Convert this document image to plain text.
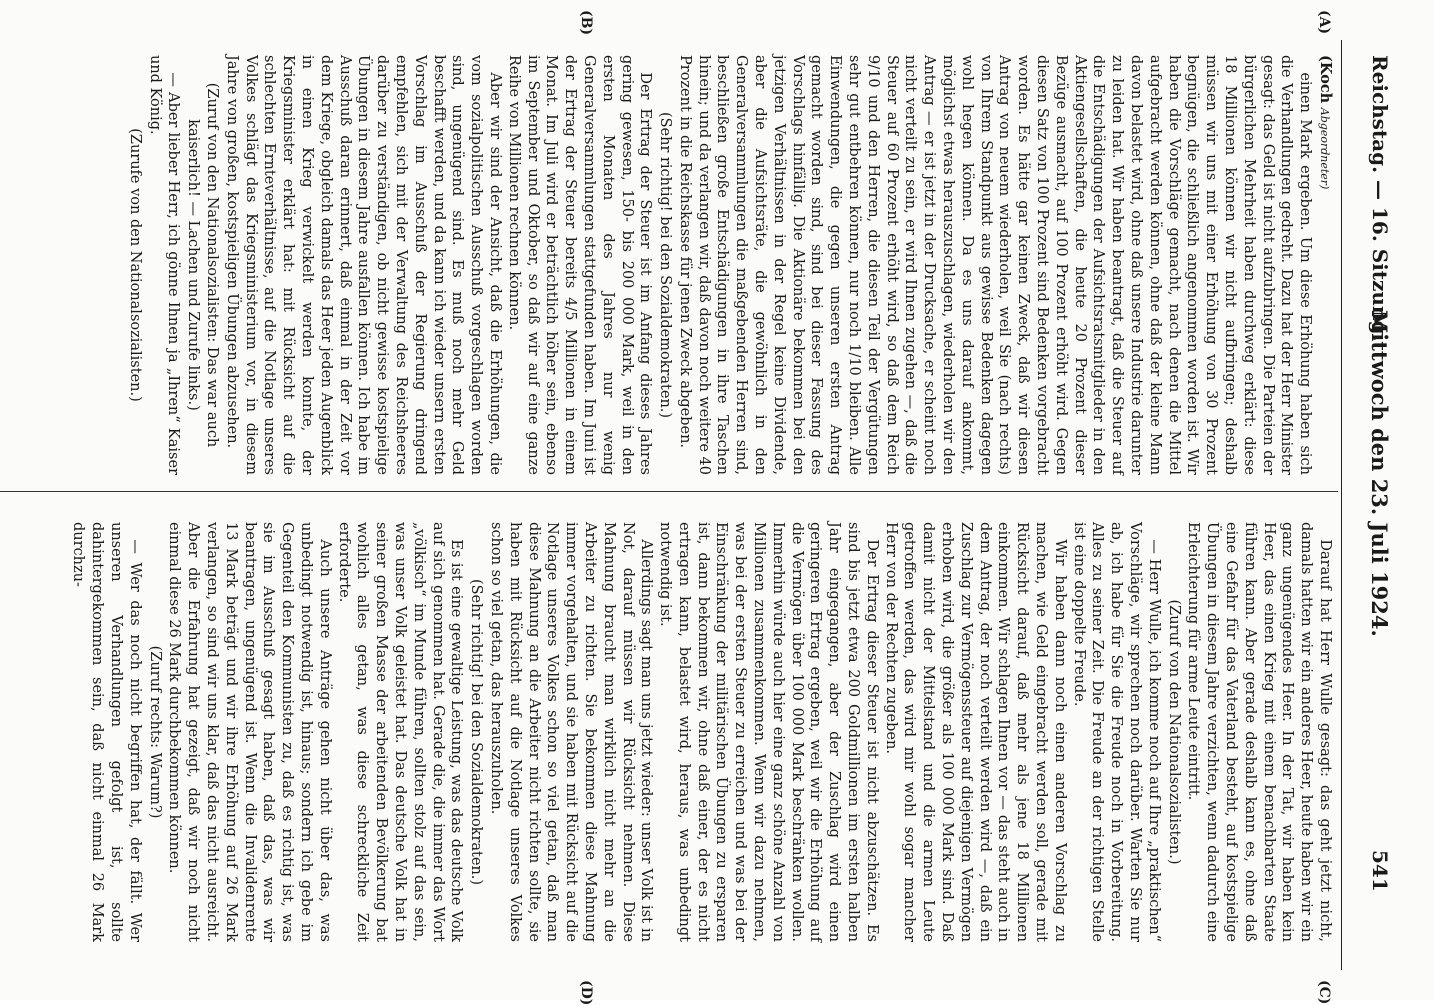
Reichstag. — 16. Sitzung.
Mittwoch den 23. Juli 1924.
541
(A)
(B)
(C)
(D)

(Koch Abgeordneter)

einen Mark ergeben. Um diese Erhöhung haben sich die Verhandlungen gedreht. Dazu hat der Herr Minister gesagt: das Geld ist nicht aufzubringen. Die Parteien der bürgerlichen Mehrheit haben durchweg erklärt: diese 18 Millionen können wir nicht aufbringen; deshalb müssen wir uns mit einer Erhöhung von 30 Prozent begnügen, die schließlich angenommen worden ist. Wir haben die Vorschläge gemacht, nach denen die Mittel aufgebracht werden können, ohne daß der kleine Mann davon belastet wird, ohne daß unsere Industrie darunter zu leiden hat. Wir haben beantragt, daß die Steuer auf die Entschädigungen der Aufsichtsratsmitglieder in den Aktiengesellschaften, die heute 20 Prozent dieser Bezüge ausmacht, auf 100 Prozent erhöht wird. Gegen diesen Satz von 100 Prozent sind Bedenken vorgebracht worden. Es hätte gar keinen Zweck, daß wir diesen Antrag von neuem wiederholen, weil Sie (nach rechts) von Ihrem Standpunkt aus gewisse Bedenken dagegen wohl hegen können. Da es uns darauf ankommt, möglichst etwas herauszuschlagen, wiederholen wir den Antrag — er ist jetzt in der Drucksache, er scheint noch nicht verteilt zu sein, er wird Ihnen zugehen —, daß die Steuer auf 60 Prozent erhöht wird, so daß dem Reich 9/10 und den Herren, die diesen Teil der Vergütungen sehr gut entbehren können, nur noch 1/10 bleiben. Alle Einwendungen, die gegen unseren ersten Antrag gemacht worden sind, sind bei dieser Fassung des Vorschlags hinfällig. Die Aktionäre bekommen bei den jetzigen Verhältnissen in der Regel keine Dividende, aber die Aufsichtsräte, die gewöhnlich in den Generalversammlungen die maßgebenden Herren sind, beschließen große Entschädigungen in ihre Taschen hinein; und da verlangen wir, daß davon noch weitere 40 Prozent in die Reichskasse für jenen Zweck abgeben.

(Sehr richtig! bei den Sozialdemokraten.)

Der Ertrag der Steuer ist im Anfang dieses Jahres gering gewesen, 150- bis 200 000 Mark, weil in den ersten Monaten des Jahres nur wenig Generalversammlungen stattgefunden haben. Im Juni ist der Ertrag der Steuer bereits 4/5 Millionen in einem Monat. Im Juli wird er beträchtlich höher sein, ebenso im September und Oktober, so daß wir auf eine ganze Reihe von Millionen rechnen können.

Aber wir sind der Ansicht, daß die Erhöhungen, die vom sozialpolitischen Ausschuß vorgeschlagen worden sind, ungenügend sind. Es muß noch mehr Geld beschafft werden, und da kann ich wieder unsern ersten Vorschlag im Ausschuß der Regierung dringend empfehlen, sich mit der Verwaltung des Reichsheeres darüber zu verständigen, ob nicht gewisse kostspielige Übungen in diesem Jahre ausfallen können. Ich habe im Ausschuß daran erinnert, daß einmal in der Zeit vor dem Kriege, obgleich damals das Heer jeden Augenblick in einen Krieg verwickelt werden konnte, der Kriegsminister erklärt hat: mit Rücksicht auf die schlechten Ernteverhältnisse, auf die Notlage unseres Volkes schlägt das Kriegsministerium vor, in diesem Jahre von großen, kostspieligen Übungen abzusehen.

(Zuruf von den Nationalsozialisten: Das war auch kaiserlich! — Lachen und Zurufe links.)

— Aber lieber Herr, ich gönne Ihnen ja „Ihren“ Kaiser und König.

(Zurufe von den Nationalsozialisten.)

Darauf hat Herr Wulle gesagt: das geht jetzt nicht, damals hatten wir ein anderes Heer, heute haben wir ein ganz ungenügendes Heer. In der Tat, wir haben kein Heer, das einen Krieg mit einem benachbarten Staate führen kann. Aber gerade deshalb kann es, ohne daß eine Gefahr für das Vaterland besteht, auf kostspielige Übungen in diesem Jahre verzichten, wenn dadurch eine Erleichterung für arme Leute eintritt.

(Zuruf von den Nationalsozialisten.)

— Herr Wulle, ich komme noch auf Ihre „praktischen“ Vorschläge, wir sprechen noch darüber. Warten Sie nur ab, ich habe für Sie die Freude noch in Vorbereitung. Alles zu seiner Zeit. Die Freude an der richtigen Stelle ist eine doppelte Freude.

Wir haben dann noch einen anderen Vorschlag zu machen, wie Geld eingebracht werden soll, gerade mit Rücksicht darauf, daß mehr als jene 18 Millionen einkommen. Wir schlagen Ihnen vor — das steht auch in dem Antrag, der noch verteilt werden wird —, daß ein Zuschlag zur Vermögenssteuer auf diejenigen Vermögen erhoben wird, die größer als 100 000 Mark sind. Daß damit nicht der Mittelstand und die armen Leute getroffen werden, das wird mir wohl sogar mancher Herr von der Rechten zugeben.

Der Ertrag dieser Steuer ist nicht abzuschätzen. Es sind bis jetzt etwa 200 Goldmillionen im ersten halben Jahr eingegangen, aber der Zuschlag wird einen geringeren Ertrag ergeben, weil wir die Erhöhung auf die Vermögen über 100 000 Mark beschränken wollen. Immerhin würde auch hier eine ganz schöne Anzahl von Millionen zusammenkommen. Wenn wir dazu nehmen, was bei der ersten Steuer zu erreichen und was bei der Einschränkung der militärischen Übungen zu ersparen ist, dann bekommen wir, ohne daß einer, der es nicht ertragen kann, belastet wird, heraus, was unbedingt notwendig ist.

Allerdings sagt man uns jetzt wieder: unser Volk ist in Not, darauf müssen wir Rücksicht nehmen. Diese Mahnung braucht man wirklich nicht mehr an die Arbeiter zu richten. Sie bekommen diese Mahnung immer vorgehalten, und sie haben mit Rücksicht auf die Notlage unseres Volkes schon so viel getan, daß man diese Mahnung an die Arbeiter nicht richten sollte, sie haben mit Rücksicht auf die Notlage unseres Volkes schon so viel getan, das herauszuholen.

(Sehr richtig! bei den Sozialdemokraten.)

Es ist eine gewaltige Leistung, was das deutsche Volk auf sich genommen hat. Gerade die, die immer das Wort „völkisch“ im Munde führen, sollten stolz auf das sein, was unser Volk geleistet hat. Das deutsche Volk hat in seiner großen Masse der arbeitenden Bevölkerung bat wohlich alles getan, was diese schreckliche Zeit erforderte.

Auch unsere Anträge gehen nicht über das, was unbedingt notwendig ist, hinaus; sondern ich gebe im Gegenteil den Kommunisten zu, daß es richtig ist, was sie im Ausschuß gesagt haben, daß das, was wir beantragen, ungenügend ist. Wenn die Invalidenrente 13 Mark beträgt und wir ihre Erhöhung auf 26 Mark verlangen, so sind wir uns klar, daß das nicht ausreicht. Aber die Erfahrung hat gezeigt, daß wir noch nicht einmal diese 26 Mark durchbekommen können.

(Zuruf rechts: Warum?)

— Wer das noch nicht begriffen hat, der fällt. Wer unseren Verhandlungen gefolgt ist, sollte dahintergekommen sein, daß nicht einmal 26 Mark durchzu-
